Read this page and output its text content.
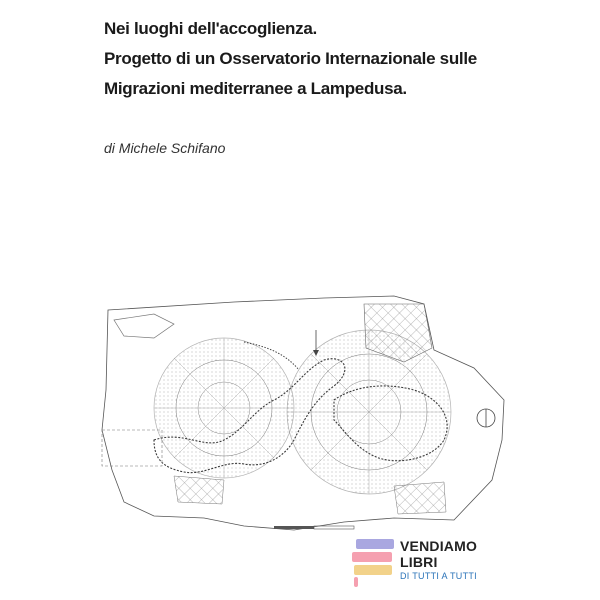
Nei luoghi dell'accoglienza.
Progetto di un Osservatorio Internazionale sulle
Migrazioni mediterranee a Lampedusa.
di Michele Schifano
VENDIAMO
LIBRI
DI TUTTI A TUTTI
